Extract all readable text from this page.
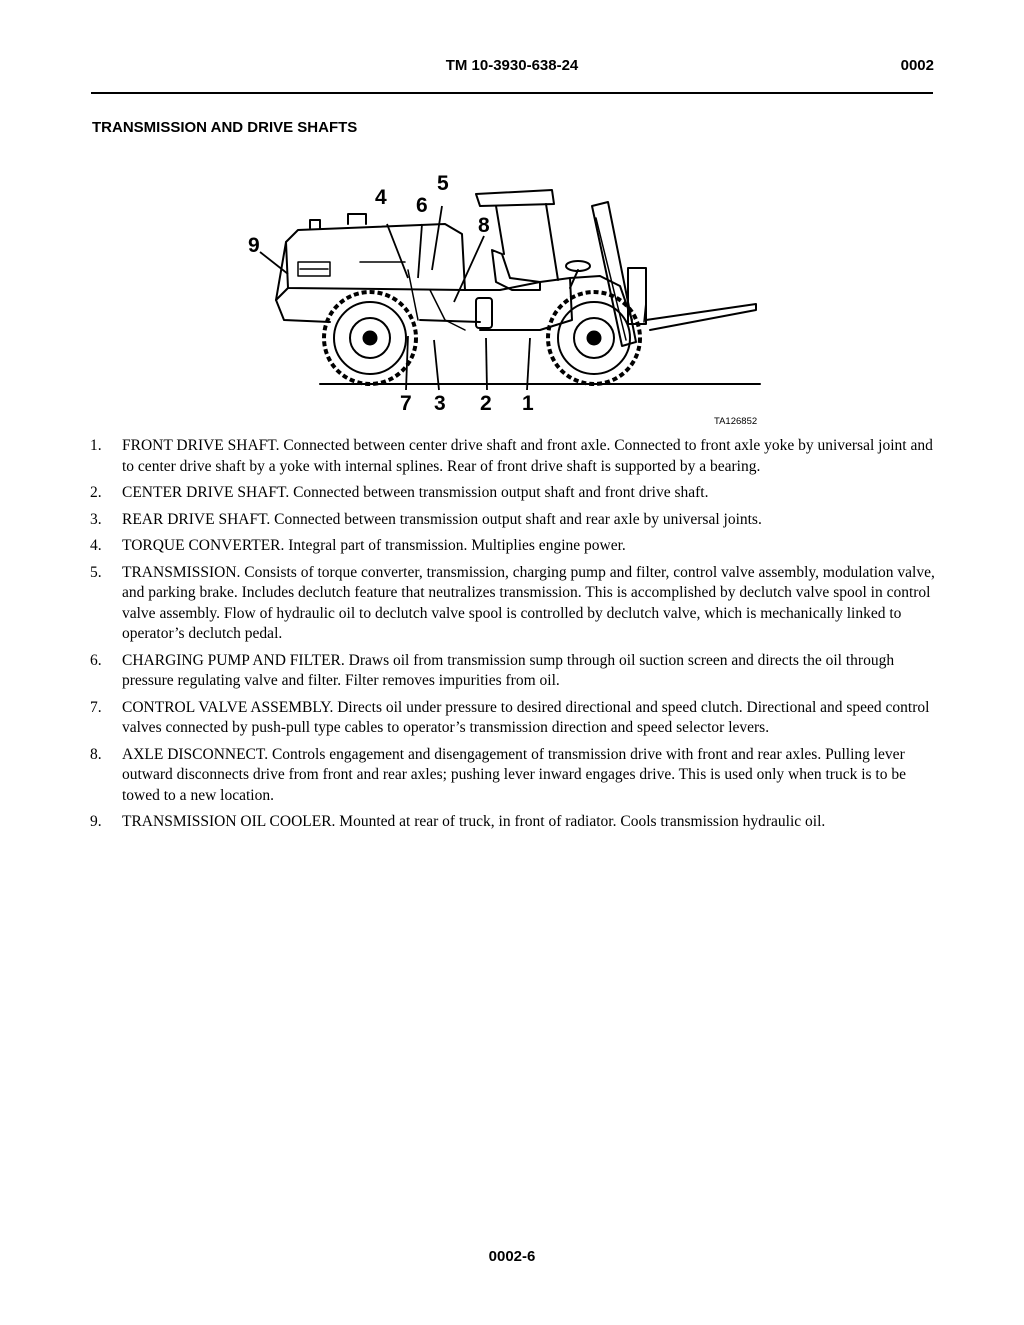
TM 10-3930-638-24	0002
TRANSMISSION AND DRIVE SHAFTS
1
2
3
4
5
6
7
8
9
TA126852
1. FRONT DRIVE SHAFT. Connected between center drive shaft and front axle. Connected to front axle yoke by universal joint and to center drive shaft by a yoke with internal splines. Rear of front drive shaft is supported by a bearing.
2. CENTER DRIVE SHAFT. Connected between transmission output shaft and front drive shaft.
3. REAR DRIVE SHAFT. Connected between transmission output shaft and rear axle by universal joints.
4. TORQUE CONVERTER. Integral part of transmission. Multiplies engine power.
5. TRANSMISSION. Consists of torque converter, transmission, charging pump and filter, control valve assembly, modulation valve, and parking brake. Includes declutch feature that neutralizes transmission. This is accomplished by declutch valve spool in control valve assembly. Flow of hydraulic oil to declutch valve spool is controlled by declutch valve, which is mechanically linked to operator’s declutch pedal.
6. CHARGING PUMP AND FILTER. Draws oil from transmission sump through oil suction screen and directs the oil through pressure regulating valve and filter. Filter removes impurities from oil.
7. CONTROL VALVE ASSEMBLY. Directs oil under pressure to desired directional and speed clutch. Directional and speed control valves connected by push-pull type cables to operator’s transmission direction and speed selector levers.
8. AXLE DISCONNECT. Controls engagement and disengagement of transmission drive with front and rear axles. Pulling lever outward disconnects drive from front and rear axles; pushing lever inward engages drive. This is used only when truck is to be towed to a new location.
9. TRANSMISSION OIL COOLER. Mounted at rear of truck, in front of radiator. Cools transmission hydraulic oil.
0002-6
